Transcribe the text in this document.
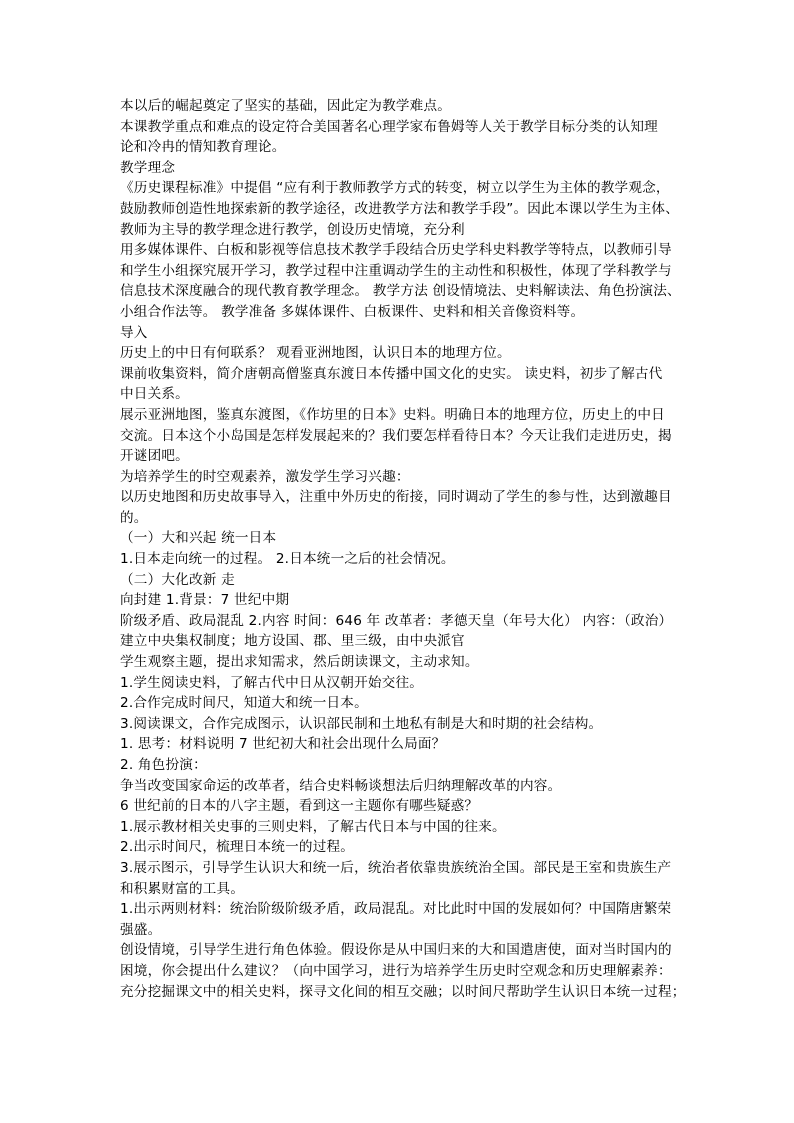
本以后的崛起奠定了坚实的基础，因此定为教学难点。

本课教学重点和难点的设定符合美国著名心理学家布鲁姆等人关于教学目标分类的认知理

论和冷冉的情知教育理论。

教学理念

《历史课程标准》中提倡 “应有利于教师教学方式的转变，树立以学生为主体的教学观念，

鼓励教师创造性地探索新的教学途径，改进教学方法和教学手段”。因此本课以学生为主体、

教师为主导的教学理念进行教学，创设历史情境，充分利

用多媒体课件、白板和影视等信息技术教学手段结合历史学科史料教学等特点，以教师引导

和学生小组探究展开学习，教学过程中注重调动学生的主动性和积极性，体现了学科教学与

信息技术深度融合的现代教育教学理念。 教学方法 创设情境法、史料解读法、角色扮演法、

小组合作法等。 教学准备 多媒体课件、白板课件、史料和相关音像资料等。

导入

历史上的中日有何联系？ 观看亚洲地图，认识日本的地理方位。

课前收集资料，简介唐朝高僧鉴真东渡日本传播中国文化的史实。 读史料，初步了解古代

中日关系。

展示亚洲地图，鉴真东渡图，《作坊里的日本》史料。明确日本的地理方位，历史上的中日

交流。日本这个小岛国是怎样发展起来的？我们要怎样看待日本？今天让我们走进历史，揭

开谜团吧。

为培养学生的时空观素养，激发学生学习兴趣：

以历史地图和历史故事导入，注重中外历史的衔接，同时调动了学生的参与性，达到激趣目

的。

（一）大和兴起 统一日本

1.日本走向统一的过程。 2.日本统一之后的社会情况。

（二）大化改新 走

向封建 1.背景：7 世纪中期

阶级矛盾、政局混乱 2.内容 时间：646 年 改革者：孝德天皇（年号大化） 内容：（政治）

建立中央集权制度；地方设国、郡、里三级，由中央派官

学生观察主题，提出求知需求，然后朗读课文，主动求知。

1.学生阅读史料，了解古代中日从汉朝开始交往。

2.合作完成时间尺，知道大和统一日本。

3.阅读课文，合作完成图示，认识部民制和土地私有制是大和时期的社会结构。

1. 思考：材料说明 7 世纪初大和社会出现什么局面？

2. 角色扮演：

争当改变国家命运的改革者，结合史料畅谈想法后归纳理解改革的内容。

6 世纪前的日本的八字主题，看到这一主题你有哪些疑惑？

1.展示教材相关史事的三则史料，了解古代日本与中国的往来。

2.出示时间尺，梳理日本统一的过程。

3.展示图示，引导学生认识大和统一后，统治者依靠贵族统治全国。部民是王室和贵族生产

和积累财富的工具。

1.出示两则材料：统治阶级阶级矛盾，政局混乱。对比此时中国的发展如何？中国隋唐繁荣

强盛。

创设情境，引导学生进行角色体验。假设你是从中国归来的大和国遣唐使，面对当时国内的

困境，你会提出什么建议？（向中国学习，进行为培养学生历史时空观念和历史理解素养：

充分挖掘课文中的相关史料，探寻文化间的相互交融；以时间尺帮助学生认识日本统一过程；
